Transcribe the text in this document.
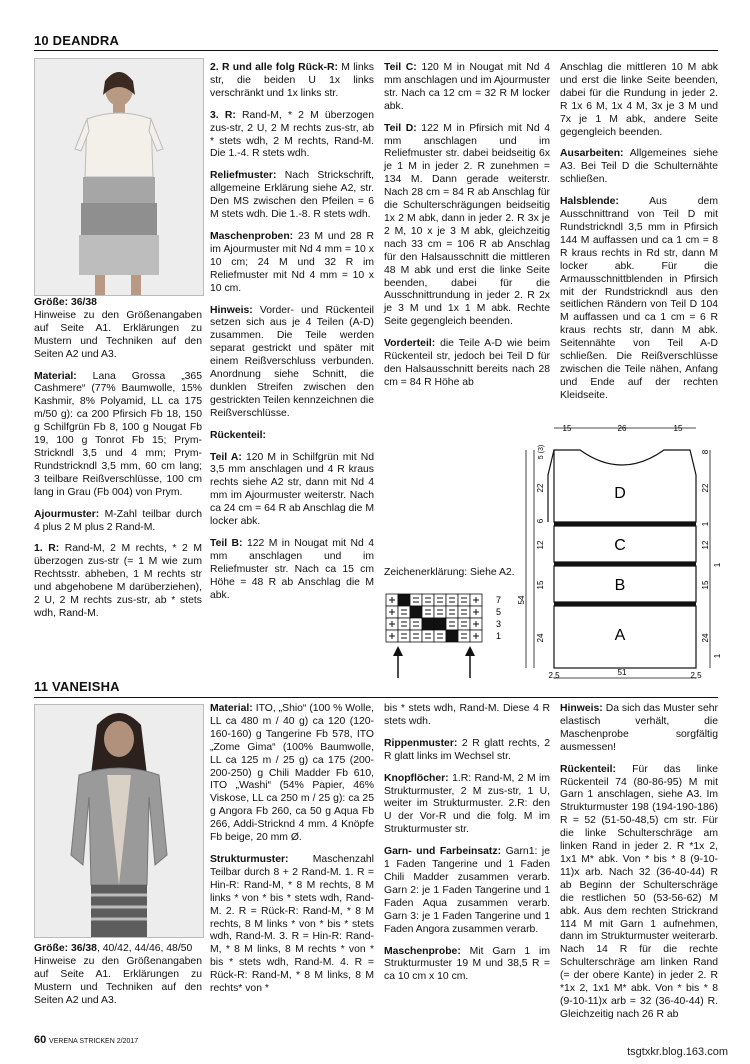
10 DEANDRA

Größe: 36/38
Hinweise zu den Größenangaben auf Seite A1. Erklärungen zu Mustern und Techniken auf den Seiten A2 und A3.

Material: Lana Grossa „365 Cashmere“ (77% Baumwolle, 15% Kashmir, 8% Polyamid, LL ca 175 m/50 g): ca 200 Pfirsich Fb 18, 150 g Schilfgrün Fb 8, 100 g Nougat Fb 19, 100 g Tonrot Fb 15; Prym-Strickndl 3,5 und 4 mm; Prym-Rundstrickndl 3,5 mm, 60 cm lang; 3 teilbare Reißverschlüsse, 100 cm lang in Grau (Fb 004) von Prym.

Ajourmuster: M-Zahl teilbar durch 4 plus 2 M plus 2 Rand-M.

1. R: Rand-M, 2 M rechts, * 2 M überzogen zus-str (= 1 M wie zum Rechtsstr. abheben, 1 M rechts str und abgehobene M darüberziehen), 2 U, 2 M rechts zus-str, ab * stets wdh, Rand-M.

2. R und alle folg Rück-R: M links str, die beiden U 1x links verschränkt und 1x links str.

3. R: Rand-M, * 2 M überzogen zus-str, 2 U, 2 M rechts zus-str, ab * stets wdh, 2 M rechts, Rand-M. Die 1.-4. R stets wdh.

Reliefmuster: Nach Strickschrift, allgemeine Erklärung siehe A2, str. Den MS zwischen den Pfeilen = 6 M stets wdh. Die 1.-8. R stets wdh.

Maschenproben: 23 M und 28 R im Ajourmuster mit Nd 4 mm = 10 x 10 cm; 24 M und 32 R im Reliefmuster mit Nd 4 mm = 10 x 10 cm.

Hinweis: Vorder- und Rückenteil setzen sich aus je 4 Teilen (A-D) zusammen. Die Teile werden separat gestrickt und später mit einem Reißverschluss verbunden. Anordnung siehe Schnitt, die dunklen Streifen zwischen den gestrickten Teilen kennzeichnen die Reißverschlüsse.

Rückenteil:

Teil A: 120 M in Schilfgrün mit Nd 3,5 mm anschlagen und 4 R kraus rechts siehe A2 str, dann mit Nd 4 mm im Ajourmuster weiterstr. Nach ca 24 cm = 64 R ab Anschlag die M locker abk.

Teil B: 122 M in Nougat mit Nd 4 mm anschlagen und im Reliefmuster str. Nach ca 15 cm Höhe = 48 R ab Anschlag die M abk.

Teil C: 120 M in Nougat mit Nd 4 mm anschlagen und im Ajourmuster str. Nach ca 12 cm = 32 R M locker abk.

Teil D: 122 M in Pfirsich mit Nd 4 mm anschlagen und im Reliefmuster str. dabei beidseitig 6x je 1 M in jeder 2. R zunehmen = 134 M. Dann gerade weiterstr. Nach 28 cm = 84 R ab Anschlag für die Schulterschrägungen beidseitig 1x 2 M abk, dann in jeder 2. R 3x je 2 M, 10 x je 3 M abk, gleichzeitig nach 33 cm = 106 R ab Anschlag für den Halsausschnitt die mittleren 48 M abk und erst die linke Seite beenden, dabei für die Ausschnittrundung in jeder 2. R 2x je 3 M und 1x 1 M abk. Rechte Seite gegengleich beenden.

Vorderteil: die Teile A-D wie beim Rückenteil str, jedoch bei Teil D für den Halsausschnitt bereits nach 28 cm = 84 R Höhe ab

Anschlag die mittleren 10 M abk und erst die linke Seite beenden, dabei für die Rundung in jeder 2. R 1x 6 M, 1x 4 M, 3x je 3 M und 7x je 1 M abk, andere Seite gegengleich beenden.

Ausarbeiten: Allgemeines siehe A3. Bei Teil D die Schulternähte schließen.

Halsblende: Aus dem Ausschnittrand von Teil D mit Rundstrickndl 3,5 mm in Pfirsich 144 M auffassen und ca 1 cm = 8 R kraus rechts in Rd str, dann M locker abk. Für die Armausschnittblenden in Pfirsich mit der Rundstrickndl aus den seitlichen Rändern von Teil D 104 M auffassen und ca 1 cm = 6 R kraus rechts str, dann M abk. Seitennähte von Teil A-D schließen. Die Reißverschlüsse zwischen die Teile nähen, Anfang und Ende auf der rechten Kleidseite.

Zeichenerklärung: Siehe A2.
7
5
3
1
D
C
B
A
15	26	15
2,5	51	2,5
5 (3)
22
6
12
15
24
54
8
22
1
12
15
24
1
1
11 VANEISHA

Größe: 36/38, 40/42, 44/46, 48/50

Hinweise zu den Größenangaben auf Seite A1. Erklärungen zu Mustern und Techniken auf den Seiten A2 und A3.

Material: ITO, „Shio“ (100 % Wolle, LL ca 480 m / 40 g) ca 120 (120-160-160) g Tangerine Fb 578, ITO „Zome Gima“ (100% Baumwolle, LL ca 125 m / 25 g) ca 175 (200-200-250) g Chili Madder Fb 610, ITO „Washi“ (54% Papier, 46% Viskose, LL ca 250 m / 25 g): ca 25 g Angora Fb 260, ca 50 g Aqua Fb 266, Addi-Stricknd 4 mm. 4 Knöpfe Fb beige, 20 mm Ø.

Strukturmuster: Maschenzahl Teilbar durch 8 + 2 Rand-M. 1. R = Hin-R: Rand-M, * 8 M rechts, 8 M links * von * bis * stets wdh, Rand-M. 2. R = Rück-R: Rand-M, * 8 M rechts, 8 M links * von * bis * stets wdh, Rand-M. 3. R = Hin-R: Rand-M, * 8 M links, 8 M rechts * von * bis * stets wdh, Rand-M. 4. R = Rück-R: Rand-M, * 8 M links, 8 M rechts* von *

bis * stets wdh, Rand-M. Diese 4 R stets wdh.

Rippenmuster: 2 R glatt rechts, 2 R glatt links im Wechsel str.

Knopflöcher: 1.R: Rand-M, 2 M im Strukturmuster, 2 M zus-str, 1 U, weiter im Strukturmuster. 2.R: den U der Vor-R und die folg. M im Strukturmuster str.

Garn- und Farbeinsatz: Garn1: je 1 Faden Tangerine und 1 Faden Chili Madder zusammen verarb. Garn 2: je 1 Faden Tangerine und 1 Faden Aqua zusammen verarb. Garn 3: je 1 Faden Tangerine und 1 Faden Angora zusammen verarb.

Maschenprobe: Mit Garn 1 im Strukturmuster 19 M und 38,5 R = ca 10 cm x 10 cm.

Hinweis: Da sich das Muster sehr elastisch verhält, die Maschenprobe sorgfältig ausmessen!

Rückenteil: Für das linke Rückenteil 74 (80-86-95) M mit Garn 1 anschlagen, siehe A3. Im Strukturmuster 198 (194-190-186) R = 52 (51-50-48,5) cm str. Für die linke Schulterschräge am linken Rand in jeder 2. R *1x 2, 1x1 M* abk. Von * bis * 8 (9-10-11)x arb. Nach 32 (36-40-44) R ab Beginn der Schulterschräge die restlichen 50 (53-56-62) M abk. Aus dem rechten Strickrand 114 M mit Garn 1 aufnehmen, dann im Strukturmuster weiterarb. Nach 14 R für die rechte Schulterschräge am linken Rand (= der obere Kante) in jeder 2. R *1x 2, 1x1 M* abk. Von * bis * 8 (9-10-11)x arb = 32 (36-40-44) R. Gleichzeitig nach 26 R ab

60 VERENA STRICKEN 2/2017
tsgtxkr.blog.163.com
